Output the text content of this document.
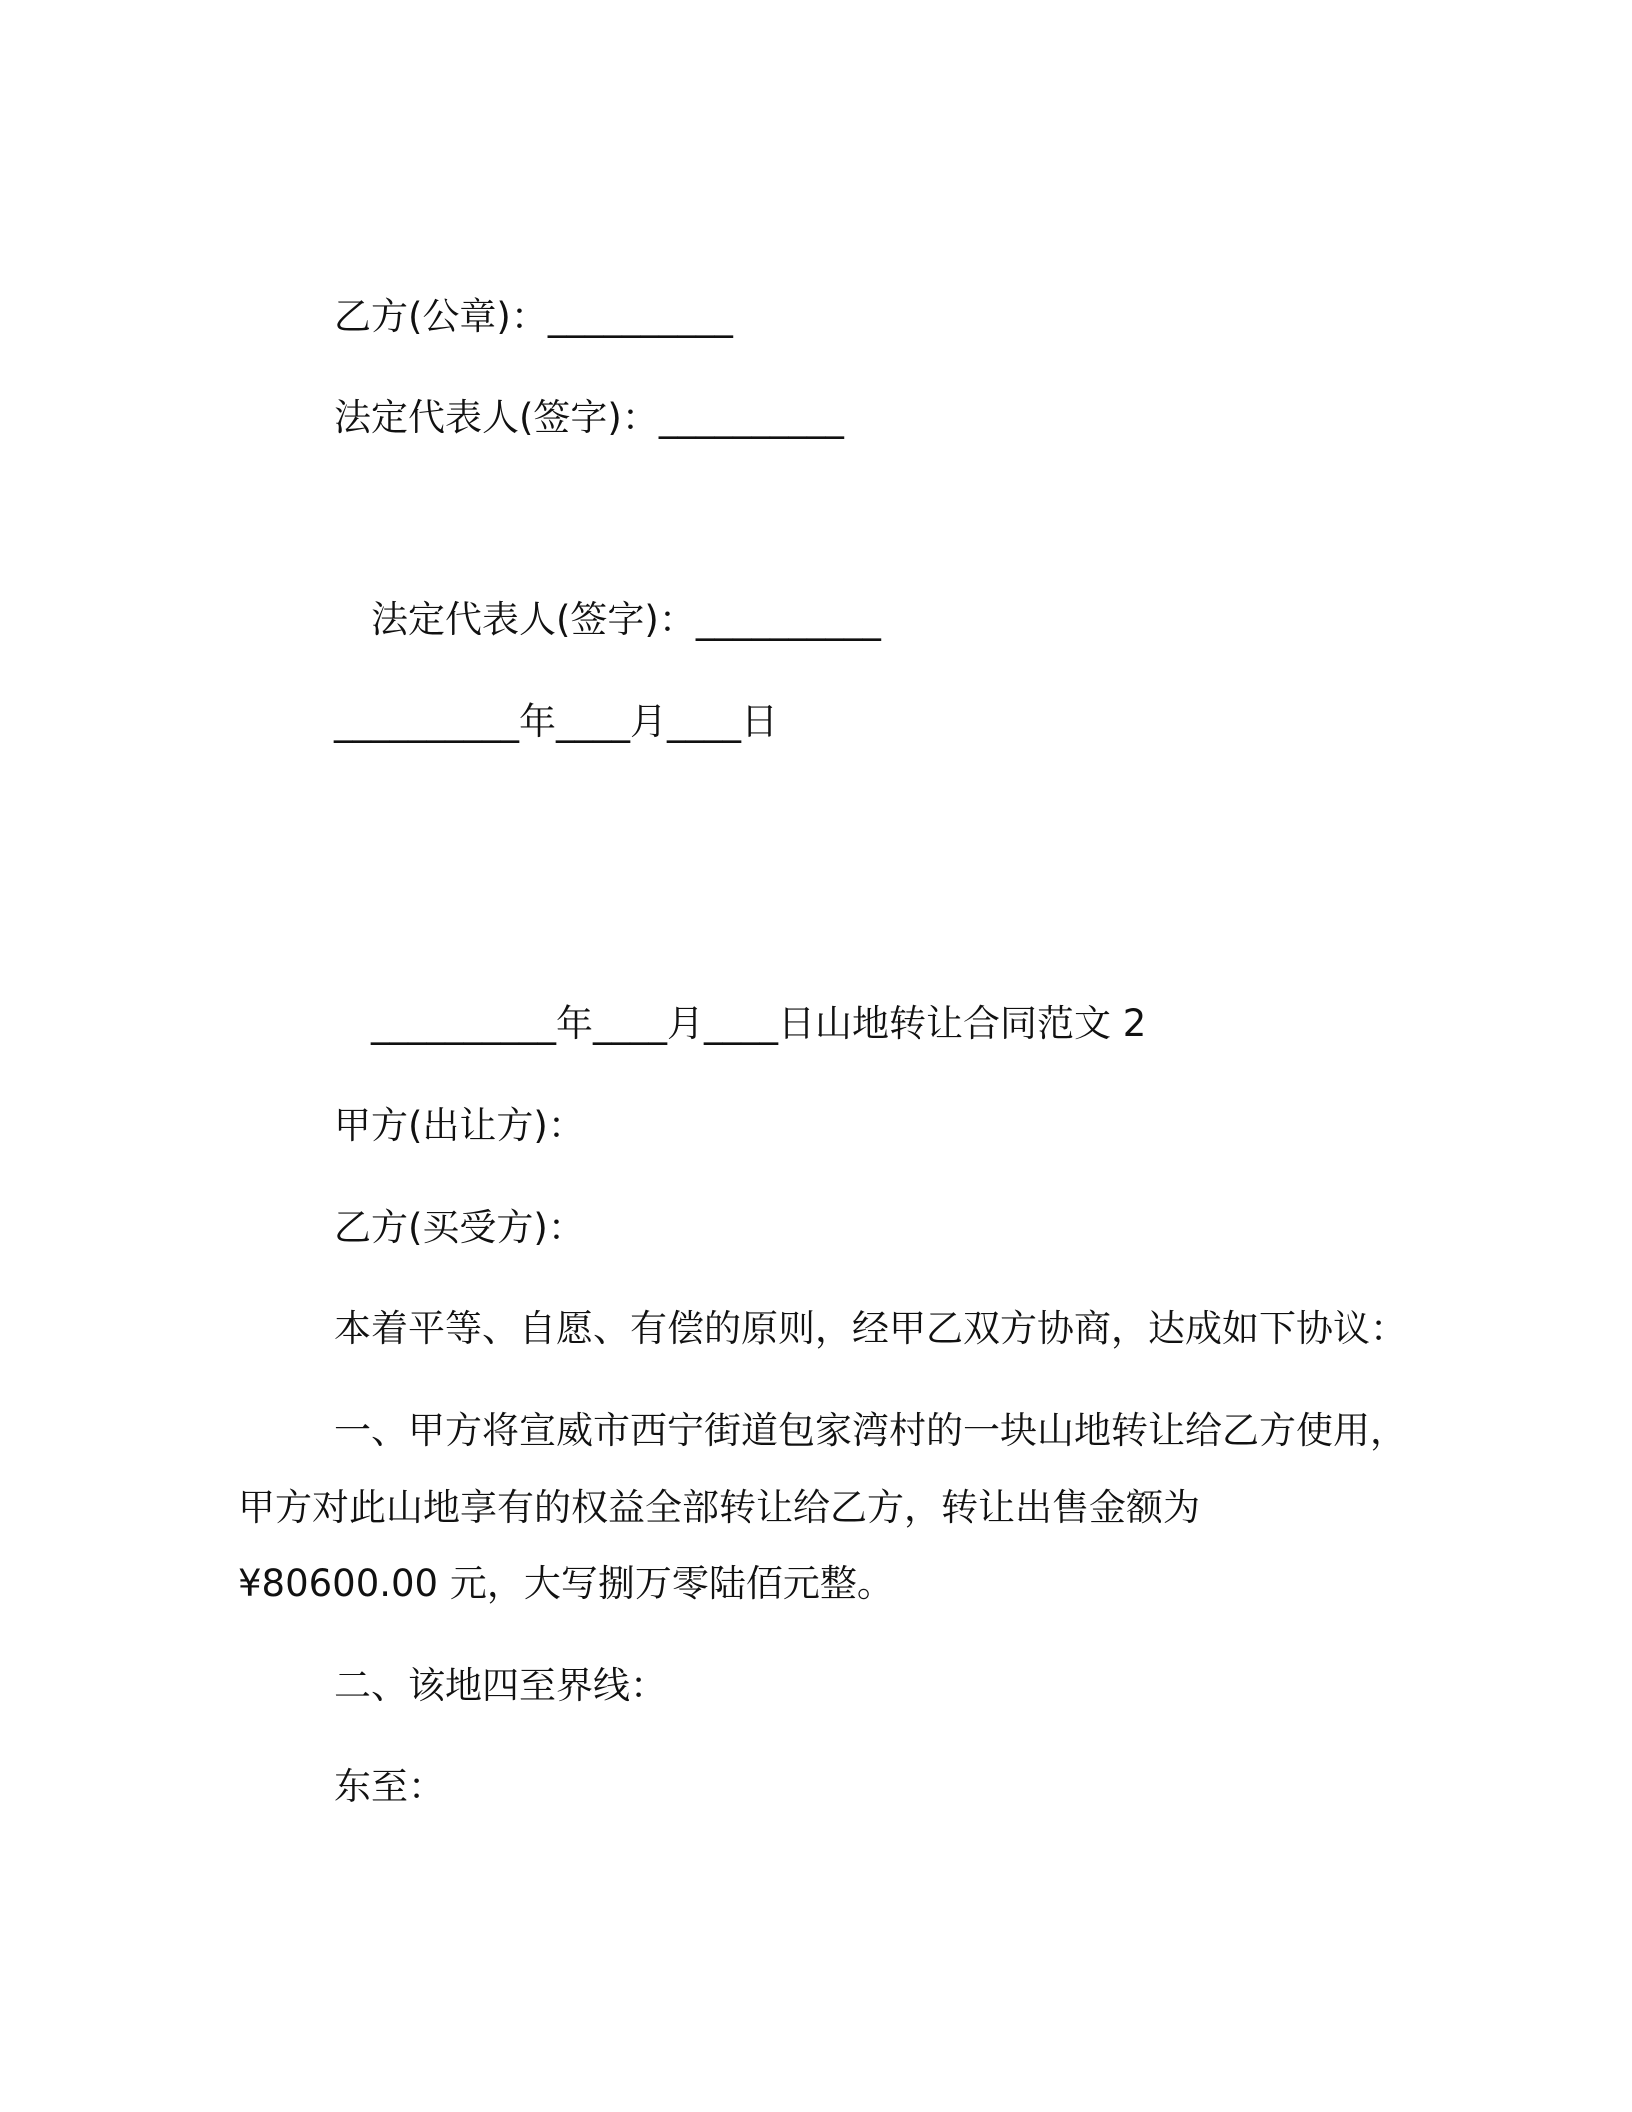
乙方(公章)：__________
法定代表人(签字)：__________
法定代表人(签字)：__________
__________年____月____日
__________年____月____日山地转让合同范文 2
甲方(出让方)：
乙方(买受方)：
本着平等、自愿、有偿的原则，经甲乙双方协商，达成如下协议：
一、甲方将宣威市西宁街道包家湾村的一块山地转让给乙方使用，
甲方对此山地享有的权益全部转让给乙方，转让出售金额为
¥80600.00 元，大写捌万零陆佰元整。
二、该地四至界线：
东至：
